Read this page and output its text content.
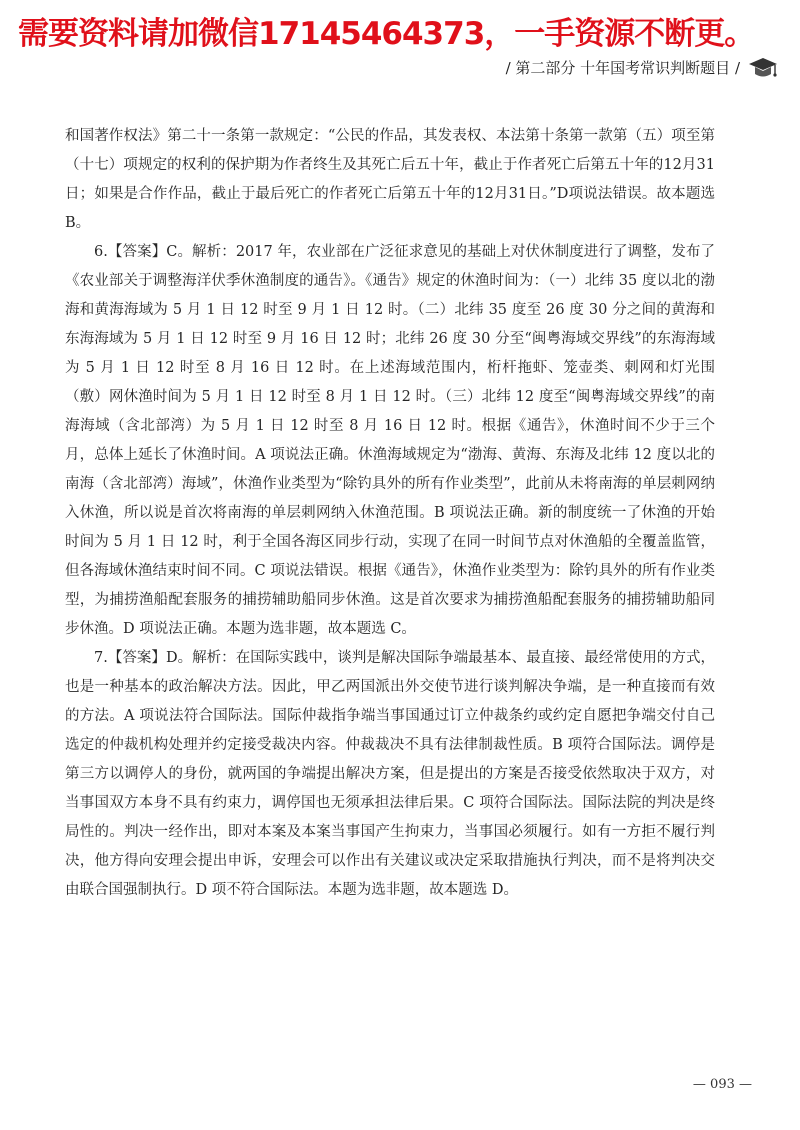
需要资料请加微信17145464373，一手资源不断更。
/ 第二部分 十年国考常识判断题目 /

和国著作权法》第二十一条第一款规定：“公民的作品，其发表权、本法第十条第一款第（五）项至第（十七）项规定的权利的保护期为作者终生及其死亡后五十年，截止于作者死亡后第五十年的12月31日；如果是合作作品，截止于最后死亡的作者死亡后第五十年的12月31日。”D项说法错误。故本题选 B。

6.【答案】C。解析：2017 年，农业部在广泛征求意见的基础上对伏休制度进行了调整，发布了《农业部关于调整海洋伏季休渔制度的通告》。《通告》规定的休渔时间为：（一）北纬 35 度以北的渤海和黄海海域为 5 月 1 日 12 时至 9 月 1 日 12 时。（二）北纬 35 度至 26 度 30 分之间的黄海和东海海域为 5 月 1 日 12 时至 9 月 16 日 12 时；北纬 26 度 30 分至“闽粤海域交界线”的东海海域为 5 月 1 日 12 时至 8 月 16 日 12 时。在上述海域范围内，桁杆拖虾、笼壶类、刺网和灯光围（敷）网休渔时间为 5 月 1 日 12 时至 8 月 1 日 12 时。（三）北纬 12 度至“闽粤海域交界线”的南海海域（含北部湾）为 5 月 1 日 12 时至 8 月 16 日 12 时。根据《通告》，休渔时间不少于三个月，总体上延长了休渔时间。A 项说法正确。休渔海域规定为“渤海、黄海、东海及北纬 12 度以北的南海（含北部湾）海域”，休渔作业类型为“除钓具外的所有作业类型”，此前从未将南海的单层刺网纳入休渔，所以说是首次将南海的单层刺网纳入休渔范围。B 项说法正确。新的制度统一了休渔的开始时间为 5 月 1 日 12 时，利于全国各海区同步行动，实现了在同一时间节点对休渔船的全覆盖监管，但各海域休渔结束时间不同。C 项说法错误。根据《通告》，休渔作业类型为：除钓具外的所有作业类型，为捕捞渔船配套服务的捕捞辅助船同步休渔。这是首次要求为捕捞渔船配套服务的捕捞辅助船同步休渔。D 项说法正确。本题为选非题，故本题选 C。

7.【答案】D。解析：在国际实践中，谈判是解决国际争端最基本、最直接、最经常使用的方式，也是一种基本的政治解决方法。因此，甲乙两国派出外交使节进行谈判解决争端，是一种直接而有效的方法。A 项说法符合国际法。国际仲裁指争端当事国通过订立仲裁条约或约定自愿把争端交付自己选定的仲裁机构处理并约定接受裁决内容。仲裁裁决不具有法律制裁性质。B 项符合国际法。调停是第三方以调停人的身份，就两国的争端提出解决方案，但是提出的方案是否接受依然取决于双方，对当事国双方本身不具有约束力，调停国也无须承担法律后果。C 项符合国际法。国际法院的判决是终局性的。判决一经作出，即对本案及本案当事国产生拘束力，当事国必须履行。如有一方拒不履行判决，他方得向安理会提出申诉，安理会可以作出有关建议或决定采取措施执行判决，而不是将判决交由联合国强制执行。D 项不符合国际法。本题为选非题，故本题选 D。

— 093 —
